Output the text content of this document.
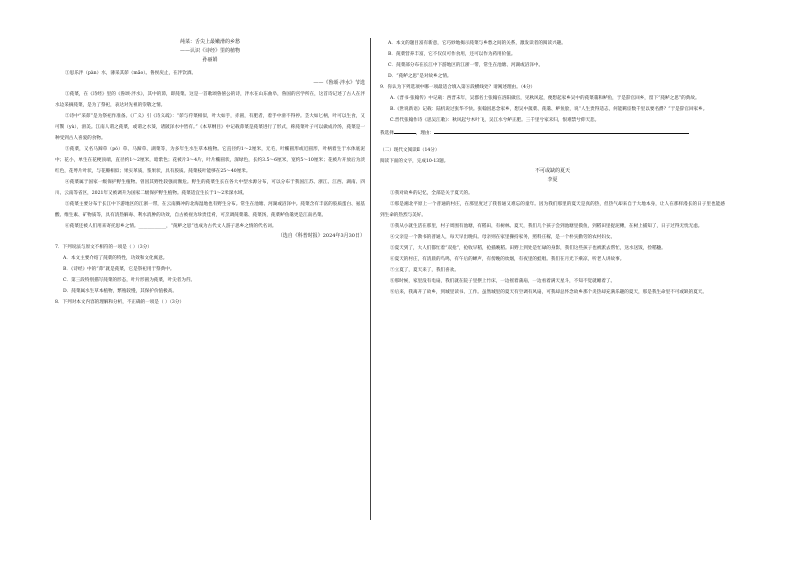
莼菜：舌尖上最嫩滑的乡愁

——认识《诗经》里的植物

孙丽娟

①思乐泮（pàn）水，薄采其茆（mǎo）。鲁侯戾止，在泮饮酒。

——《鲁颂·泮水》节选

①莼菜，在《诗经》里的《鲁颂·泮水》，其中的茆，即莼菜。这是一首歌颂鲁僖公的诗，泮水在山东曲阜，鲁国的宫学所在，这首诗记述了古人在泮水边采摘莼菜，是为了祭祀，表达对先祖的崇敬之情。

②诗中“采茆”是为祭祀作准备。《广义》引《诗义疏》：“茆与荇菜相似，叶大如手，赤圆，有肥者，着手中滑不得停。茎大如匕柄，叶可以生食，又可鬻（yù），滑美。江南人谓之莼菜，或谓之水葵，诸陂泽水中皆有。”《本草纲目》中记载茆菜是莼菜进行了形式，称莼菜叶子可以做成冷汤，莼菜是一种受到古人喜爱的食物。

③莼菜，又名马蹄草（pó）草、马蹄草、湖菜等，为多年生水生草本植物。它直径约1～2厘米，无毛，叶椭圆形或近圆形，叶柄着生于水体底泥中；花小，单生在花梗顶端，直径约1～2厘米，暗紫色；花被片3～4片，叶片椭圆状，深绿色，长约3.5～6厘米，宽约5～10厘米；花被片开放后为淡红色，花萼片叶状，与花瓣相似；果实革质，浆果状，具有胶质。莼菜枝叶能够在25～40厘米。

④莼菜属于国家一级保护野生植物。曾因其野性较强而濒危。野生的莼菜生长在各大中型水源分布，可以分布于我国江苏、浙江、江西、湖南、四川、云南等省区，2021年又被调升为国家二级保护野生植物。莼菜适宜生长于1～2米深水域。

⑤莼菜主要分布于长江中下游地区的江浙一带，在云南腾冲的北海湿地也有野生分布。常生在池塘、河湖或沼泽中。莼菜含有丰富的胶质蛋白、氨基酸、维生素、矿物质等，具有清热解毒、利水消肿的功效，自古被视为珍贵佳肴，可烹调莼菜羹、莼菜汤，莼菜鲈鱼羹更是江南名菜。

⑥莼菜还被人们用来寄托思乡之情。____________，“莼鲈之思”也成为古代文人游子思乡之情的代名词。

（选自《科普时报》2024年3月30日）

7．下列说法与原文不相符的一项是（ ）（3分）

A．本文主要介绍了莼菜的特性，功效和文化寓意。

B．《诗经》中的“茆”就是莼菜，它是祭祀用于祭典中。

C．第三段特别描写莼菜的形态，叶片形圆为莼菜，叶尖者为荇。

D．莼菜属水生草本植物，繁殖较慢，其保护价值极高。

8．下列对本文内容的理解和分析，不正确的一项是（ ）（3分）

A．本文的题目富有新意，它巧妙地揭示莼菜与乡愁之间的关系，激发读者的阅读兴趣。

B．莼菜营养丰富，它不仅仅可作食用，还可以作为药用价值。

C．莼菜部分布在长江中下游地区的江浙一带，常生在池塘、河湖或沼泽中。

D．“莼鲈之思”是对故乡之情。

9．你认为下列选项中哪一项最适合填入第⑥段横线处？请阐述理由。（4分）

A.《晋书·张翰传》中记载：西晋末年，吴郡名士张翰在洛阳做官，见秋风起，便想起家乡吴中的莼菜羹和鲈鱼，于是辞官回乡，留下“莼鲈之思”的典故。

B.《世说新语》记载：陆机说过张华不快。张翰因思念家乡，想吴中菰菜、莼羹、鲈鱼脍，说“人生贵得适志，何能羁宦数千里以要名爵？”于是辞官回家乡。

C.晋代张翰作诗《思吴江歌》：秋风起兮木叶飞，吴江水兮鲈正肥。三千里兮家未归，恨难禁兮仰天悲。

我选择	，理由：

（二）现代文阅读Ⅱ（14分）

阅读下面的文字，完成10-13题。

不可或缺的夏天

李夏

①我对故乡的记忆，全部是关于夏天的。

②那是湘北平原上一个普通的村庄，在那里度过了我普通又难忘的童年。因为我们那里的夏天是真的热，但热气却来自于大地本身，让人在那样漫长的日子里也能感到生命的热烈与美好。

③我从小就生活在那里，村子周围有池塘，有稻田，有树林。夏天，我们几个孩子会到池塘里摸鱼，到稻田里捉泥鳅，在树上捕知了，日子过得无忧无虑。

④父亲是一个教书的普通人，每天早出晚归。母亲则在家里操持家务，照料庄稼，是一个朴实勤劳的农村妇女。

⑤夏天到了，大人们都忙着“双抢”，抢收早稻，抢插晚稻。田野上到处是忙碌的身影，我们这些孩子也被派去帮忙，送水送饭，捡稻穗。

⑥夏天的村庄，有清晨的鸟鸣，有午后的蝉声，有傍晚的炊烟，有夜里的蛙唱。我们在月光下乘凉，听老人讲故事。

⑦立夏了，夏天来了，我们喜欢。

⑧那时候，家里没有电扇，我们就在院子里摆上竹床，一边摇着蒲扇，一边看着满天星斗，不知不觉就睡着了。

⑨后来，我离开了故乡，到城里读书、工作。虽然城里的夏天有空调有风扇，可我却总怀念故乡那个炎热却充满乐趣的夏天，那是我生命里不可或缺的夏天。
